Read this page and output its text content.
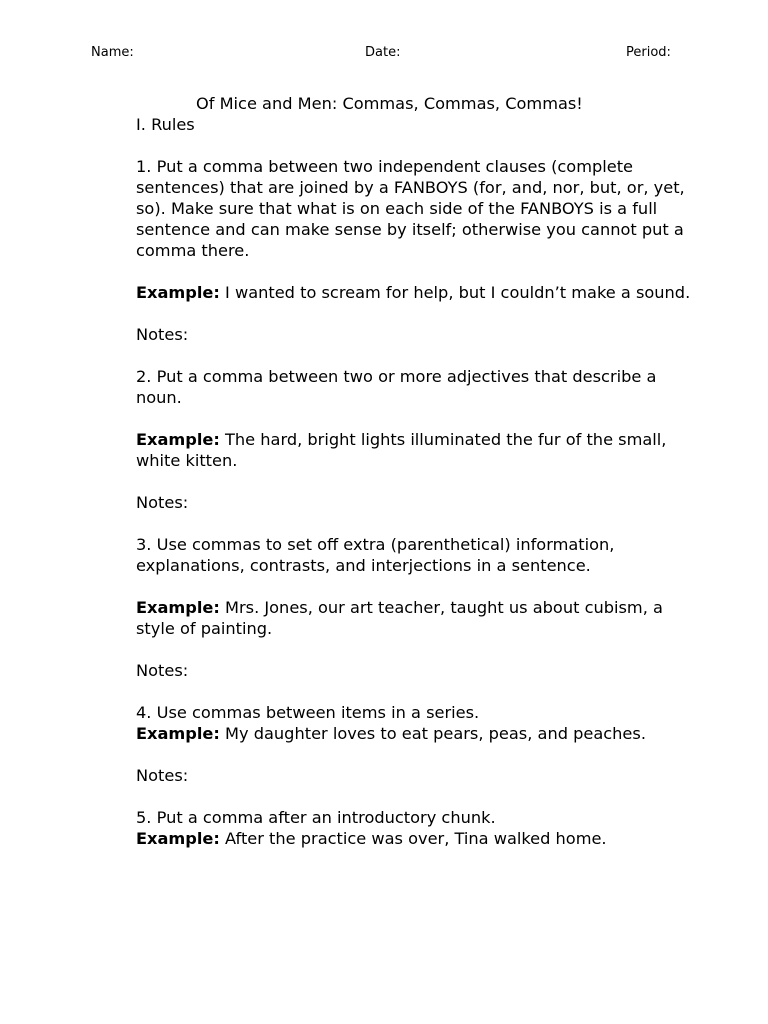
Name:	Date:	Period:

Of Mice and Men: Commas, Commas, Commas!

I. Rules

1. Put a comma between two independent clauses (complete sentences) that are joined by a FANBOYS (for, and, nor, but, or, yet, so). Make sure that what is on each side of the FANBOYS is a full sentence and can make sense by itself; otherwise you cannot put a comma there.

Example: I wanted to scream for help, but I couldn’t make a sound.

Notes:

2. Put a comma between two or more adjectives that describe a noun.

Example: The hard, bright lights illuminated the fur of the small, white kitten.

Notes:

3. Use commas to set off extra (parenthetical) information, explanations, contrasts, and interjections in a sentence.

Example: Mrs. Jones, our art teacher, taught us about cubism, a style of painting.

Notes:

4. Use commas between items in a series.

Example: My daughter loves to eat pears, peas, and peaches.

Notes:

5. Put a comma after an introductory chunk.

Example: After the practice was over, Tina walked home.
